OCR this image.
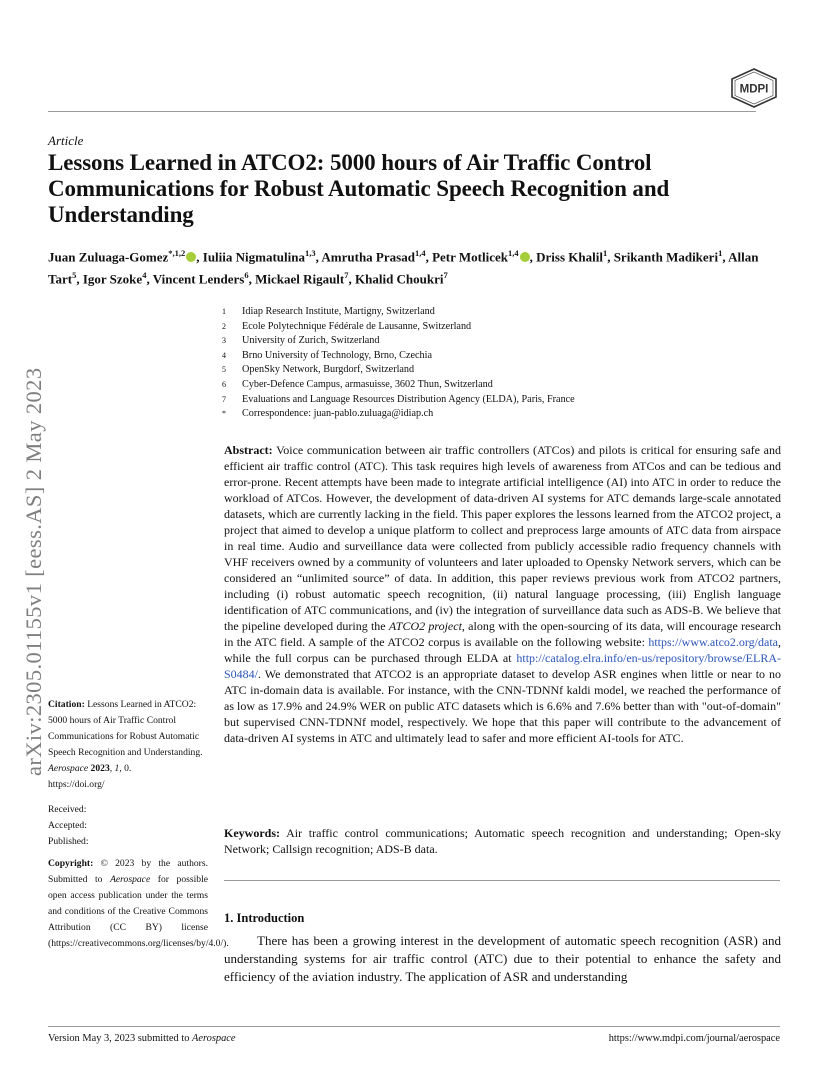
MDPI
Article
Lessons Learned in ATCO2: 5000 hours of Air Traffic Control Communications for Robust Automatic Speech Recognition and Understanding
Juan Zuluaga-Gomez$^{*,1,2}$ , Iuliia Nigmatulina$^{1,3}$, Amrutha Prasad$^{1,4}$, Petr Motlicek$^{1,4}$ , Driss Khalil$^1$, Srikanth Madikeri$^1$, Allan Tart$^5$, Igor Szoke$^4$, Vincent Lenders$^6$, Mickael Rigault$^7$, Khalid Choukri$^7$
arXiv:2305.01155v1 [eess.AS] 2 May 2023
1	Idiap Research Institute, Martigny, Switzerland
2	Ecole Polytechnique Fédérale de Lausanne, Switzerland
3	University of Zurich, Switzerland
4	Brno University of Technology, Brno, Czechia
5	OpenSky Network, Burgdorf, Switzerland
6	Cyber-Defence Campus, armasuisse, 3602 Thun, Switzerland
7	Evaluations and Language Resources Distribution Agency (ELDA), Paris, France
*	Correspondence: juan-pablo.zuluaga@idiap.ch

Abstract: Voice communication between air traffic controllers (ATCos) and pilots is critical for ensuring safe and efficient air traffic control (ATC). This task requires high levels of awareness from ATCos and can be tedious and error-prone. Recent attempts have been made to integrate artificial intelligence (AI) into ATC in order to reduce the workload of ATCos. However, the development of data-driven AI systems for ATC demands large-scale annotated datasets, which are currently lacking in the field. This paper explores the lessons learned from the ATCO2 project, a project that aimed to develop a unique platform to collect and preprocess large amounts of ATC data from airspace in real time. Audio and surveillance data were collected from publicly accessible radio frequency channels with VHF receivers owned by a community of volunteers and later uploaded to Opensky Network servers, which can be considered an “unlimited source” of data. In addition, this paper reviews previous work from ATCO2 partners, including (i) robust automatic speech recognition, (ii) natural language processing, (iii) English language identification of ATC communications, and (iv) the integration of surveillance data such as ADS-B. We believe that the pipeline developed during the ATCO2 project, along with the open-sourcing of its data, will encourage research in the ATC field. A sample of the ATCO2 corpus is available on the following website: https://www.atco2.org/data, while the full corpus can be purchased through ELDA at http://catalog.elra.info/en-us/repository/browse/ELRA-S0484/. We demonstrated that ATCO2 is an appropriate dataset to develop ASR engines when little or near to no ATC in-domain data is available. For instance, with the CNN-TDNNf kaldi model, we reached the performance of as low as 17.9% and 24.9% WER on public ATC datasets which is 6.6% and 7.6% better than with "out-of-domain" but supervised CNN-TDNNf model, respectively. We hope that this paper will contribute to the advancement of data-driven AI systems in ATC and ultimately lead to safer and more efficient AI-tools for ATC.

Keywords: Air traffic control communications; Automatic speech recognition and understanding; Open-sky Network; Callsign recognition; ADS-B data.

1. Introduction

There has been a growing interest in the development of automatic speech recognition (ASR) and understanding systems for air traffic control (ATC) due to their potential to enhance the safety and efficiency of the aviation industry. The application of ASR and understanding

Citation: Lessons Learned in ATCO2: 5000 hours of Air Traffic Control Communications for Robust Automatic Speech Recognition and Understanding. Aerospace 2023, 1, 0.
https://doi.org/
Received:
Accepted:
Published:
Copyright: © 2023 by the authors. Submitted to Aerospace for possible open access publication under the terms and conditions of the Creative Commons Attribution (CC BY) license (https://creativecommons.org/licenses/by/4.0/).
Version May 3, 2023 submitted to Aerospace	https://www.mdpi.com/journal/aerospace
